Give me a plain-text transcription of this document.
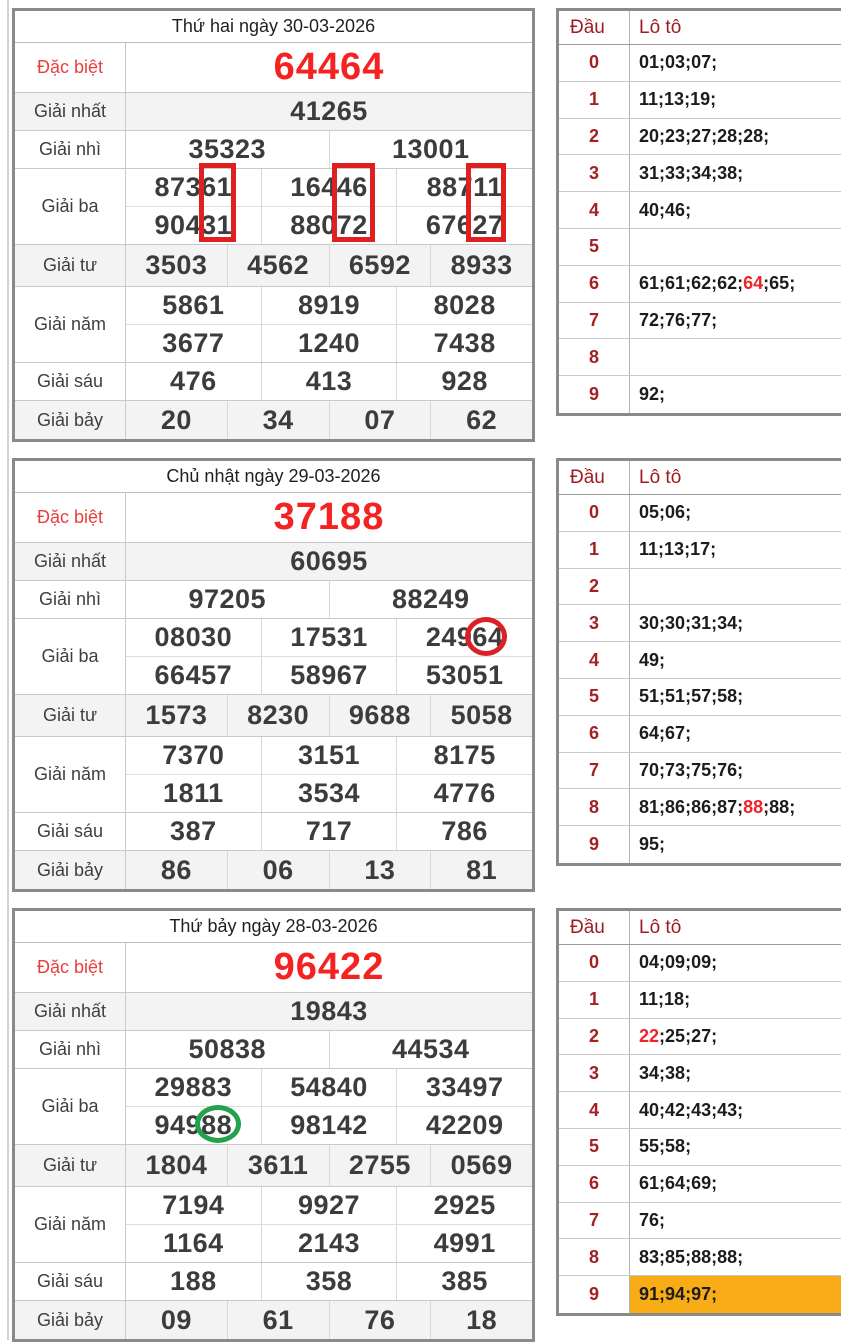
Thứ hai ngày 30-03-2026
Đặc biệt	64464
Giải nhất	41265
Giải nhì	35323	13001
Giải ba
87361 16446 88711
90431 88072 67627
Giải tư	3503 4562 6592 8933
Giải năm
5861	8919	8028
3677	1240	7438
Giải sáu	476	413	928
Giải bảy	20	34	07	62
Đầu	Lô tô
0	01 ; 03 ; 07 ;
1	11 ; 13 ; 19 ;
2	20 ; 23 ; 27 ; 28 ; 28 ;
3	31 ; 33 ; 34 ; 38 ;
4	40 ; 46 ;
5
6	61 ; 61 ; 62 ; 62 ; 64 ; 65 ;
7	72 ; 76 ; 77 ;
8
9	92 ;
Chủ nhật ngày 29-03-2026
Đặc biệt	37188
Giải nhất	60695
Giải nhì	97205	88249
Giải ba
08030 17531 24964
66457 58967 53051
Giải tư	1573 8230 9688 5058
Giải năm
7370	3151	8175
1811	3534	4776
Giải sáu	387	717	786
Giải bảy	86	06	13	81
Đầu	Lô tô
0	05 ; 06 ;
1	11 ; 13 ; 17 ;
2
3	30 ; 30 ; 31 ; 34 ;
4	49 ;
5	51 ; 51 ; 57 ; 58 ;
6	64 ; 67 ;
7	70 ; 73 ; 75 ; 76 ;
8	81 ; 86 ; 86 ; 87 ; 88 ; 88 ;
9	95 ;
Thứ bảy ngày 28-03-2026
Đặc biệt	96422
Giải nhất	19843
Giải nhì	50838	44534
Giải ba
29883 54840 33497
94988 98142 42209
Giải tư	1804 3611 2755 0569
Giải năm
7194	9927	2925
1164	2143	4991
Giải sáu	188	358	385
Giải bảy	09	61	76	18
Đầu	Lô tô
0	04 ; 09 ; 09 ;
1	11 ; 18 ;
2	22 ; 25 ; 27 ;
3	34 ; 38 ;
4	40 ; 42 ; 43 ; 43 ;
5	55 ; 58 ;
6	61 ; 64 ; 69 ;
7	76 ;
8	83 ; 85 ; 88 ; 88 ;
9	91 ; 94 ; 97 ;
